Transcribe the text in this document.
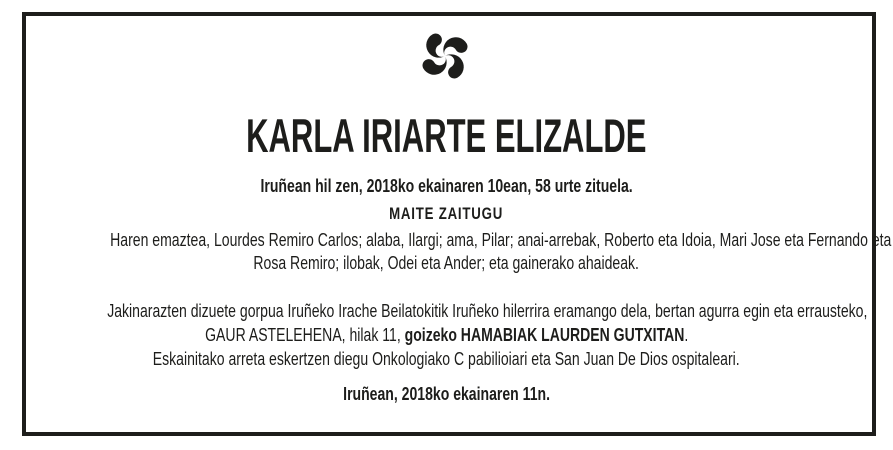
KARLA IRIARTE ELIZALDE
Iruñean hil zen, 2018ko ekainaren 10ean, 58 urte zituela.
MAITE ZAITUGU
Haren emaztea, Lourdes Remiro Carlos; alaba, Ilargi; ama, Pilar; anai-arrebak, Roberto eta Idoia, Mari Jose eta Fernando eta
Rosa Remiro; ilobak, Odei eta Ander; eta gainerako ahaideak.
Jakinarazten dizuete gorpua Iruñeko Irache Beilatokitik Iruñeko hilerrira eramango dela, bertan agurra egin eta errausteko,
GAUR ASTELEHENA, hilak 11, goizeko HAMABIAK LAURDEN GUTXITAN.
Eskainitako arreta eskertzen diegu Onkologiako C pabilioiari eta San Juan De Dios ospitaleari.
Iruñean, 2018ko ekainaren 11n.
